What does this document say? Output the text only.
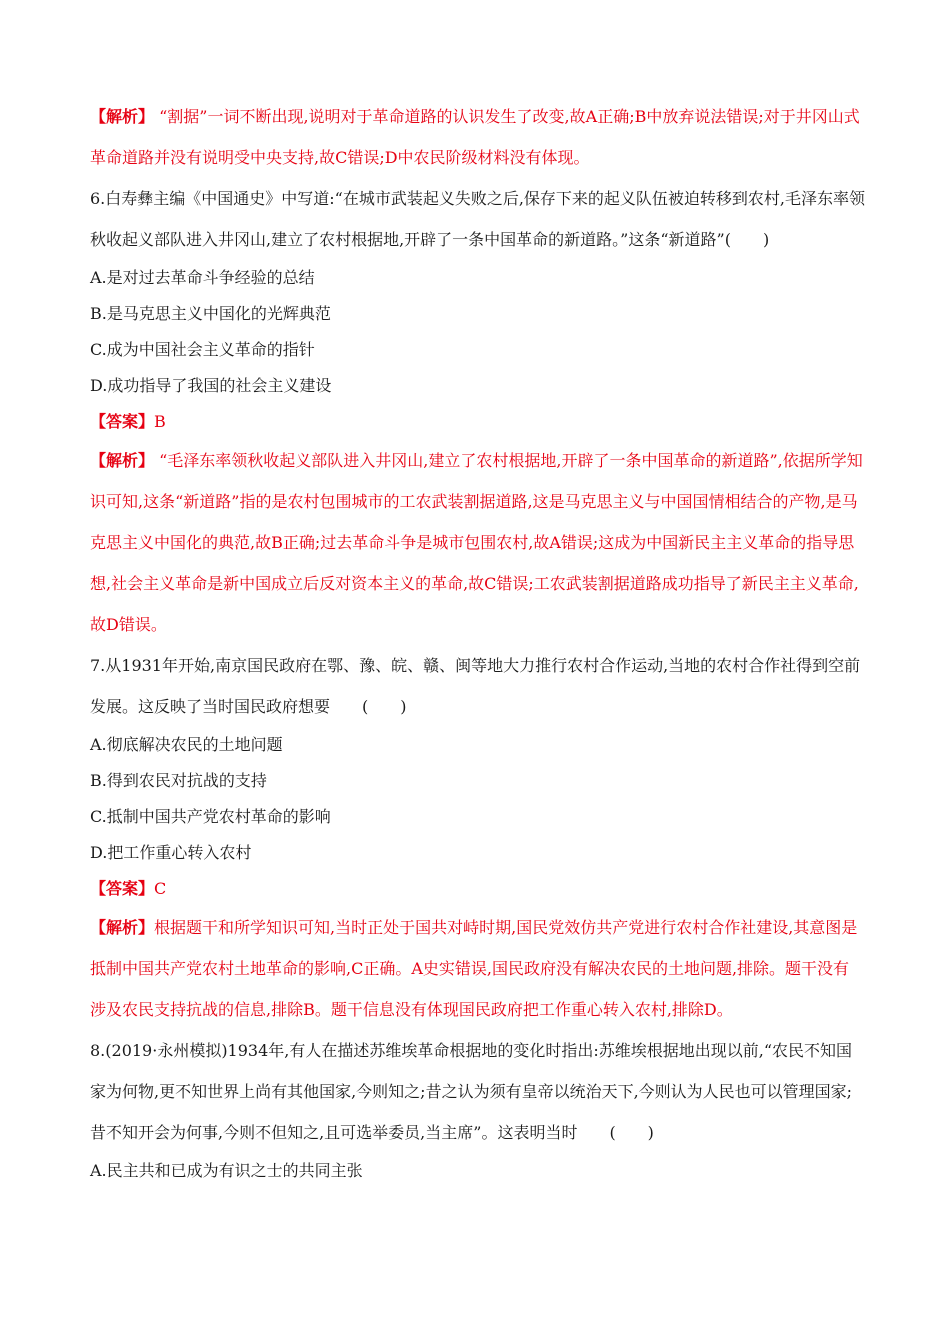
【解析】 “割据”一词不断出现,说明对于革命道路的认识发生了改变,故A正确;B中放弃说法错误;对于井冈山式革命道路并没有说明受中央支持,故C错误;D中农民阶级材料没有体现。

6.白寿彝主编《中国通史》中写道:“在城市武装起义失败之后,保存下来的起义队伍被迫转移到农村,毛泽东率领秋收起义部队进入井冈山,建立了农村根据地,开辟了一条中国革命的新道路。”这条“新道路”(　　)

A.是对过去革命斗争经验的总结

B.是马克思主义中国化的光辉典范

C.成为中国社会主义革命的指针

D.成功指导了我国的社会主义建设

【答案】B

【解析】 “毛泽东率领秋收起义部队进入井冈山,建立了农村根据地,开辟了一条中国革命的新道路”,依据所学知识可知,这条“新道路”指的是农村包围城市的工农武装割据道路,这是马克思主义与中国国情相结合的产物,是马克思主义中国化的典范,故B正确;过去革命斗争是城市包围农村,故A错误;这成为中国新民主主义革命的指导思想,社会主义革命是新中国成立后反对资本主义的革命,故C错误;工农武装割据道路成功指导了新民主主义革命,故D错误。

7.从1931年开始,南京国民政府在鄂、豫、皖、赣、闽等地大力推行农村合作运动,当地的农村合作社得到空前发展。这反映了当时国民政府想要　　(　　)

A.彻底解决农民的土地问题

B.得到农民对抗战的支持

C.抵制中国共产党农村革命的影响

D.把工作重心转入农村

【答案】C

【解析】根据题干和所学知识可知,当时正处于国共对峙时期,国民党效仿共产党进行农村合作社建设,其意图是抵制中国共产党农村土地革命的影响,C正确。A史实错误,国民政府没有解决农民的土地问题,排除。题干没有涉及农民支持抗战的信息,排除B。题干信息没有体现国民政府把工作重心转入农村,排除D。

8.(2019·永州模拟)1934年,有人在描述苏维埃革命根据地的变化时指出:苏维埃根据地出现以前,“农民不知国家为何物,更不知世界上尚有其他国家,今则知之;昔之认为须有皇帝以统治天下,今则认为人民也可以管理国家;昔不知开会为何事,今则不但知之,且可选举委员,当主席”。这表明当时　　(　　)

A.民主共和已成为有识之士的共同主张
